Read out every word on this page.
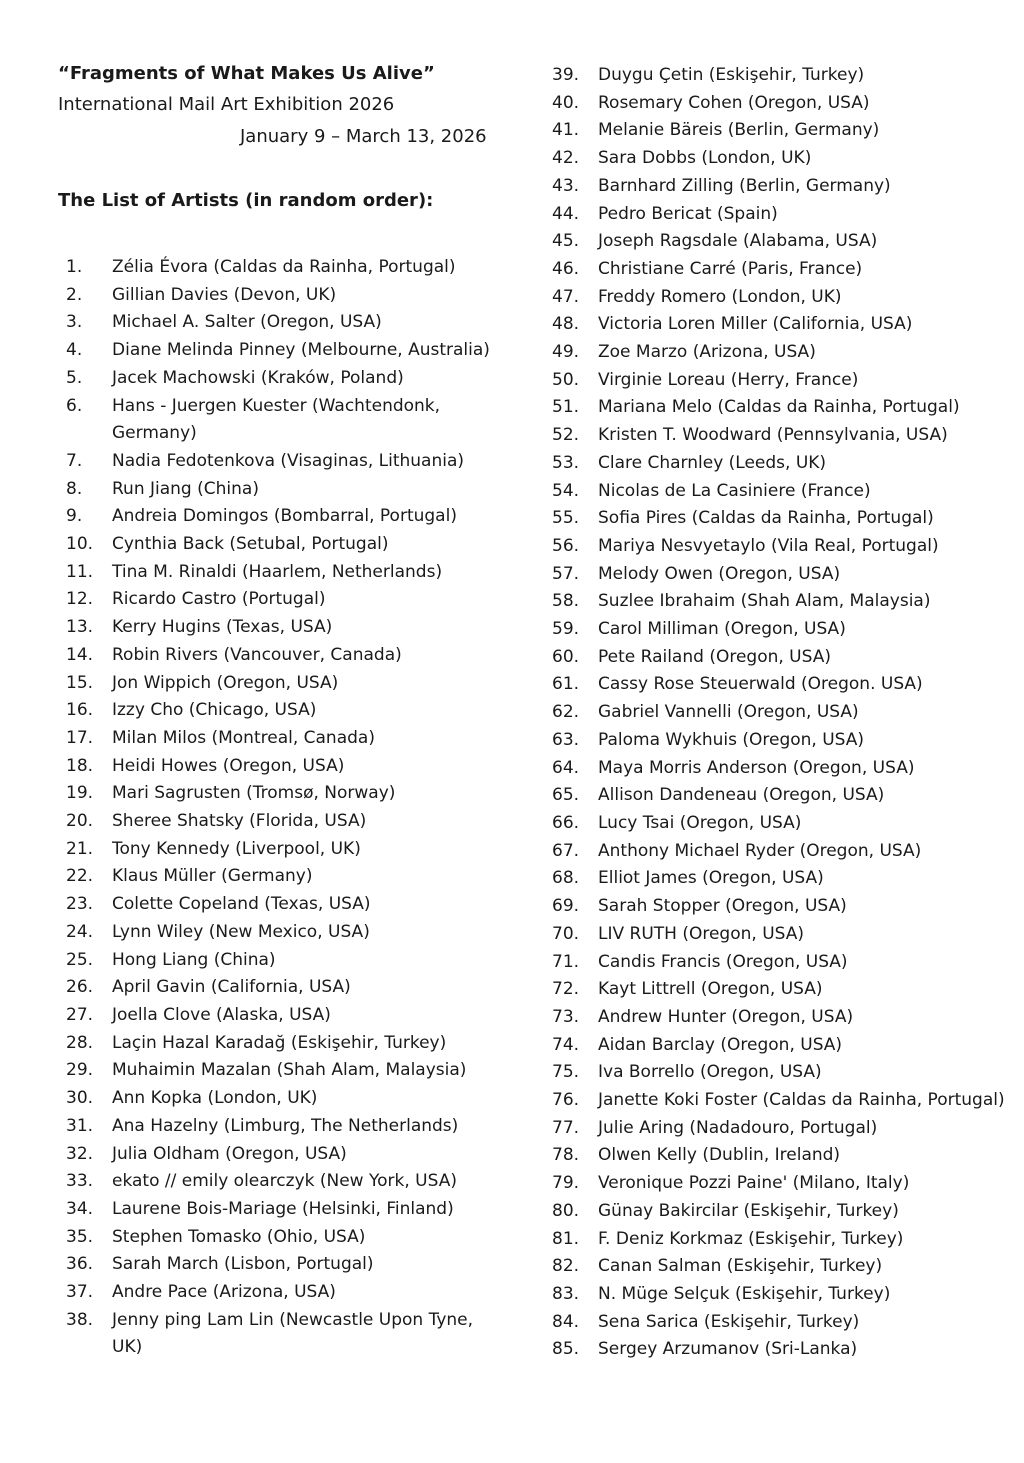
“Fragments of What Makes Us Alive”
International Mail Art Exhibition 2026
January 9 – March 13, 2026
The List of Artists (in random order):
1.	Zélia Évora (Caldas da Rainha, Portugal)
2.	Gillian Davies (Devon, UK)
3.	Michael A. Salter (Oregon, USA)
4.	Diane Melinda Pinney (Melbourne, Australia)
5.	Jacek Machowski (Kraków, Poland)
6.	Hans - Juergen Kuester (Wachtendonk, Germany)
7.	Nadia Fedotenkova (Visaginas, Lithuania)
8.	Run Jiang (China)
9.	Andreia Domingos (Bombarral, Portugal)
10.	Cynthia Back (Setubal, Portugal)
11.	Tina M. Rinaldi (Haarlem, Netherlands)
12.	Ricardo Castro (Portugal)
13.	Kerry Hugins (Texas, USA)
14.	Robin Rivers (Vancouver, Canada)
15.	Jon Wippich (Oregon, USA)
16.	Izzy Cho (Chicago, USA)
17.	Milan Milos (Montreal, Canada)
18.	Heidi Howes (Oregon, USA)
19.	Mari Sagrusten (Tromsø, Norway)
20.	Sheree Shatsky (Florida, USA)
21.	Tony Kennedy (Liverpool, UK)
22.	Klaus Müller (Germany)
23.	Colette Copeland (Texas, USA)
24.	Lynn Wiley (New Mexico, USA)
25.	Hong Liang (China)
26.	April Gavin (California, USA)
27.	Joella Clove (Alaska, USA)
28.	Laçin Hazal Karadağ (Eskişehir, Turkey)
29.	Muhaimin Mazalan (Shah Alam, Malaysia)
30.	Ann Kopka (London, UK)
31.	Ana Hazelny (Limburg, The Netherlands)
32.	Julia Oldham (Oregon, USA)
33.	ekato // emily olearczyk (New York, USA)
34.	Laurene Bois-Mariage (Helsinki, Finland)
35.	Stephen Tomasko (Ohio, USA)
36.	Sarah March (Lisbon, Portugal)
37.	Andre Pace (Arizona, USA)
38.	Jenny ping Lam Lin (Newcastle Upon Tyne, UK)
39.	Duygu Çetin (Eskişehir, Turkey)
40.	Rosemary Cohen (Oregon, USA)
41.	Melanie Bäreis (Berlin, Germany)
42.	Sara Dobbs (London, UK)
43.	Barnhard Zilling (Berlin, Germany)
44.	Pedro Bericat (Spain)
45.	Joseph Ragsdale (Alabama, USA)
46.	Christiane Carré (Paris, France)
47.	Freddy Romero (London, UK)
48.	Victoria Loren Miller (California, USA)
49.	Zoe Marzo (Arizona, USA)
50.	Virginie Loreau (Herry, France)
51.	Mariana Melo (Caldas da Rainha, Portugal)
52.	Kristen T. Woodward (Pennsylvania, USA)
53.	Clare Charnley (Leeds, UK)
54.	Nicolas de La Casiniere (France)
55.	Sofia Pires (Caldas da Rainha, Portugal)
56.	Mariya Nesvyetaylo (Vila Real, Portugal)
57.	Melody Owen (Oregon, USA)
58.	Suzlee Ibrahaim (Shah Alam, Malaysia)
59.	Carol Milliman (Oregon, USA)
60.	Pete Railand (Oregon, USA)
61.	Cassy Rose Steuerwald (Oregon. USA)
62.	Gabriel Vannelli (Oregon, USA)
63.	Paloma Wykhuis (Oregon, USA)
64.	Maya Morris Anderson (Oregon, USA)
65.	Allison Dandeneau (Oregon, USA)
66.	Lucy Tsai (Oregon, USA)
67.	Anthony Michael Ryder (Oregon, USA)
68.	Elliot James (Oregon, USA)
69.	Sarah Stopper (Oregon, USA)
70.	LIV RUTH (Oregon, USA)
71.	Candis Francis (Oregon, USA)
72.	Kayt Littrell (Oregon, USA)
73.	Andrew Hunter (Oregon, USA)
74.	Aidan Barclay (Oregon, USA)
75.	Iva Borrello (Oregon, USA)
76.	Janette Koki Foster (Caldas da Rainha, Portugal)
77.	Julie Aring (Nadadouro, Portugal)
78.	Olwen Kelly (Dublin, Ireland)
79.	Veronique Pozzi Paine' (Milano, Italy)
80.	Günay Bakircilar (Eskişehir, Turkey)
81.	F. Deniz Korkmaz (Eskişehir, Turkey)
82.	Canan Salman (Eskişehir, Turkey)
83.	N. Müge Selçuk (Eskişehir, Turkey)
84.	Sena Sarica (Eskişehir, Turkey)
85.	Sergey Arzumanov (Sri-Lanka)
